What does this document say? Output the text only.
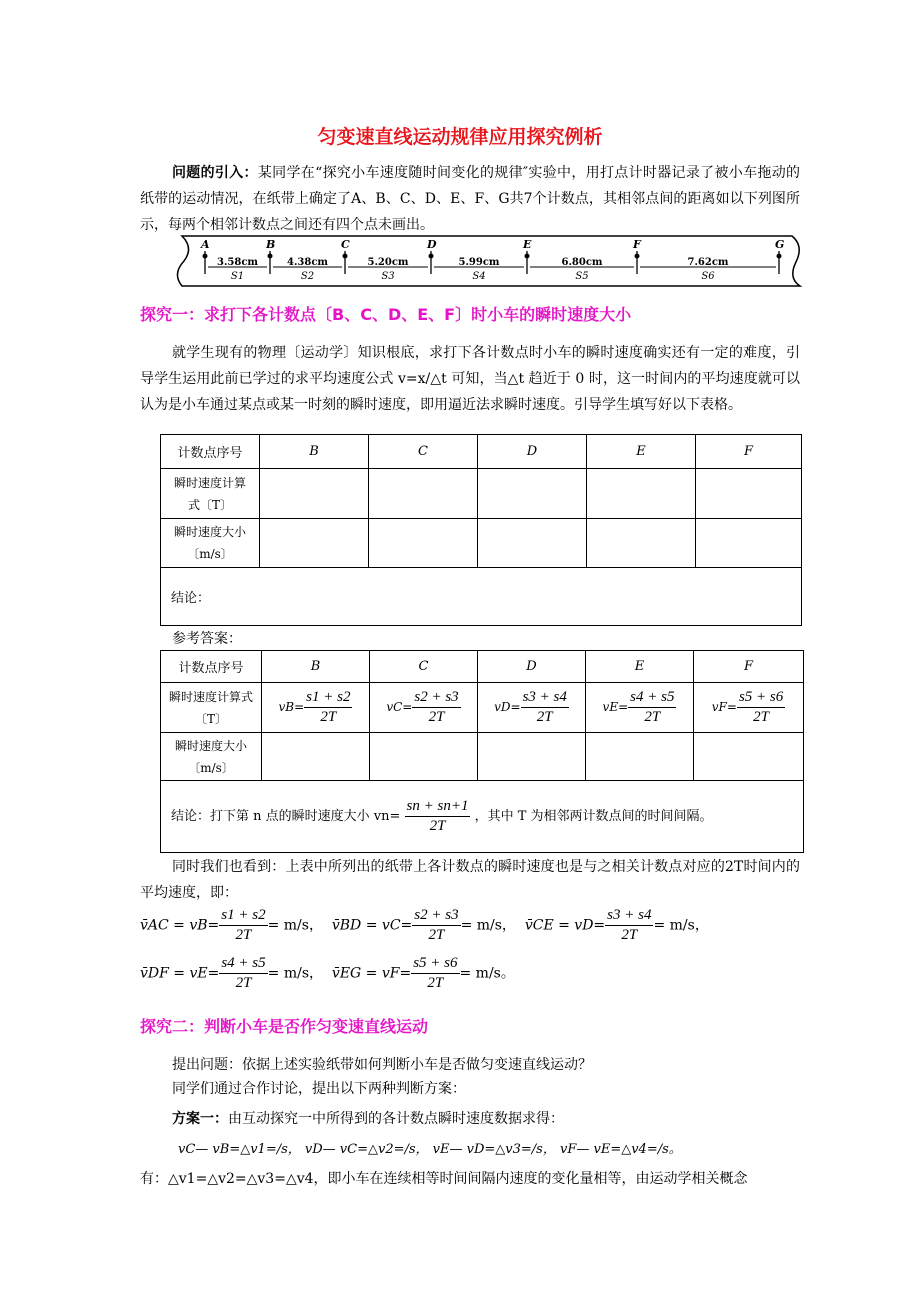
匀变速直线运动规律应用探究例析
问题的引入：某同学在“探究小车速度随时间变化的规律″实验中，用打点计时器记录了被小车拖动的纸带的运动情况，在纸带上确定了A、B、C、D、E、F、G共7个计数点，其相邻点间的距离如以下列图所示，每两个相邻计数点之间还有四个点未画出。
A	B	C	D	E	F	G
3.58cm
S1
4.38cm
S2
5.20cm
S3
5.99cm
S4
6.80cm
S5
7.62cm
S6
探究一：求打下各计数点〔B、C、D、E、F〕时小车的瞬时速度大小
就学生现有的物理〔运动学〕知识根底，求打下各计数点时小车的瞬时速度确实还有一定的难度，引导学生运用此前已学过的求平均速度公式 v=x/△t 可知，当△t 趋近于 0 时，这一时间内的平均速度就可以认为是小车通过某点或某一时刻的瞬时速度，即用逼近法求瞬时速度。引导学生填写好以下表格。
计数点序号	B	C	D	E	F
瞬时速度计算式〔T〕					
瞬时速度大小〔m/s〕					
结论：					
参考答案：
计数点序号	B	C	D	E	F
瞬时速度计算式〔T〕	$vB= \frac{s1 + s2}{2T}$	$vC= \frac{s2 + s3}{2T}$	$vD= \frac{s3 + s4}{2T}$	$vE= \frac{s4 + s5}{2T}$	$vF= \frac{s5 + s6}{2T}$

瞬时速度大小〔m/s〕					
结论：打下第 n 点的瞬时速度大小 $vn= \frac{sn + sn+1}{2T}$ ，其中 T 为相邻两计数点间的时间间隔。					
同时我们也看到：上表中所列出的纸带上各计数点的瞬时速度也是与之相关计数点对应的2T时间内的平均速度，即：
v̄AC = $vB= \frac{s1 + s2}{2T} = m/s$， v̄BD = $vC= \frac{s2 + s3}{2T} = m/s$， v̄CE = $vD= \frac{s3 + s4}{2T} = m/s$，
v̄DF = $vE= \frac{s4 + s5}{2T} = m/s$， v̄EG = $vF= \frac{s5 + s6}{2T} = m/s$。
探究二：判断小车是否作匀变速直线运动
提出问题：依据上述实验纸带如何判断小车是否做匀变速直线运动？
同学们通过合作讨论，提出以下两种判断方案：
方案一：由互动探究一中所得到的各计数点瞬时速度数据求得：
vC— vB=△v1=/s， vD— vC=△v2=/s， vE— vD=△v3=/s， vF— vE=△v4=/s。
有：△v1=△v2=△v3=△v4，即小车在连续相等时间间隔内速度的变化量相等，由运动学相关概念
